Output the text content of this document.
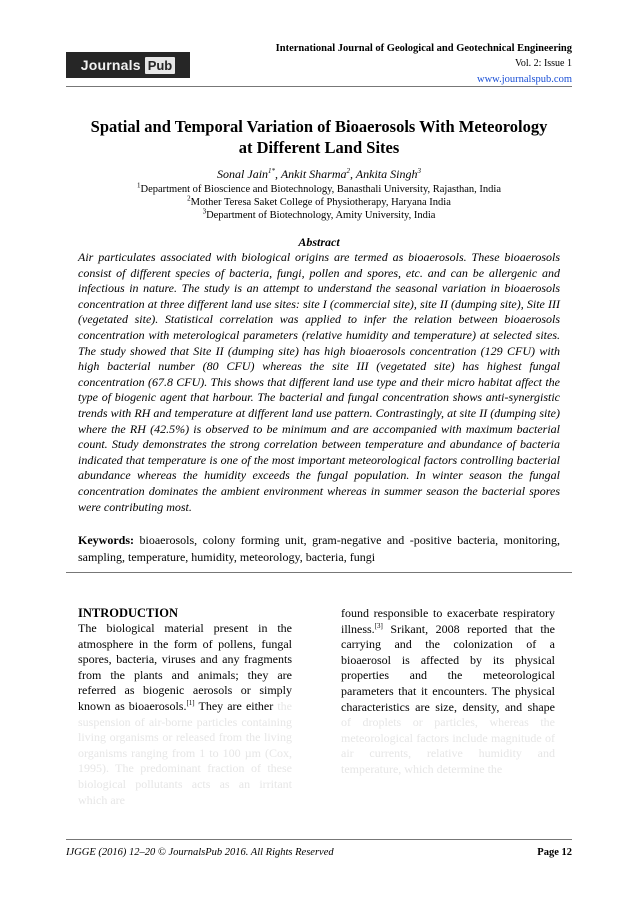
Journals Pub
International Journal of Geological and Geotechnical Engineering
Vol. 2: Issue 1
www.journalspub.com
Spatial and Temporal Variation of Bioaerosols With Meteorology
at Different Land Sites
Sonal Jain$^{1*}$, Ankit Sharma$^2$, Ankita Singh$^3$
$^1$Department of Bioscience and Biotechnology, Banasthali University, Rajasthan, India
$^2$Mother Teresa Saket College of Physiotherapy, Haryana India
$^3$Department of Biotechnology, Amity University, India
Abstract
Air particulates associated with biological origins are termed as bioaerosols. These bioaerosols consist of different species of bacteria, fungi, pollen and spores, etc. and can be allergenic and infectious in nature. The study is an attempt to understand the seasonal variation in bioaerosols concentration at three different land use sites: site I (commercial site), site II (dumping site), Site III (vegetated site). Statistical correlation was applied to infer the relation between bioaerosols concentration with meterological parameters (relative humidity and temperature) at selected sites. The study showed that Site II (dumping site) has high bioaerosols concentration (129 CFU) with high bacterial number (80 CFU) whereas the site III (vegetated site) has highest fungal concentration (67.8 CFU). This shows that different land use type and their micro habitat affect the type of biogenic agent that harbour. The bacterial and fungal concentration shows anti-synergistic trends with RH and temperature at different land use pattern. Contrastingly, at site II (dumping site) where the RH (42.5%) is observed to be minimum and are accompanied with maximum bacterial count. Study demonstrates the strong correlation between temperature and abundance of bacteria indicated that temperature is one of the most important meteorological factors controlling bacterial abundance whereas the humidity exceeds the fungal population. In winter season the fungal concentration dominates the ambient environment whereas in summer season the bacterial spores were contributing most.
Keywords: bioaerosols, colony forming unit, gram-negative and -positive bacteria, monitoring, sampling, temperature, humidity, meteorology, bacteria, fungi
INTRODUCTION
The biological material present in the atmosphere in the form of pollens, fungal spores, bacteria, viruses and any fragments from the plants and animals; they are referred as biogenic aerosols or simply known as bioaerosols.[1] They are either the suspension of air-borne particles containing living organisms or released from the living organisms ranging from 1 to 100 µm (Cox, 1995). The predominant fraction of these biological pollutants acts as an irritant which are
found responsible to exacerbate respiratory illness.[3] Srikant, 2008 reported that the carrying and the colonization of a bioaerosol is affected by its physical properties and the meteorological parameters that it encounters. The physical characteristics are size, density, and shape of droplets or particles, whereas the meteorological factors include magnitude of air currents, relative humidity and temperature, which determine the
IJGGE (2016) 12–20 © JournalsPub 2016. All Rights Reserved	Page 12
